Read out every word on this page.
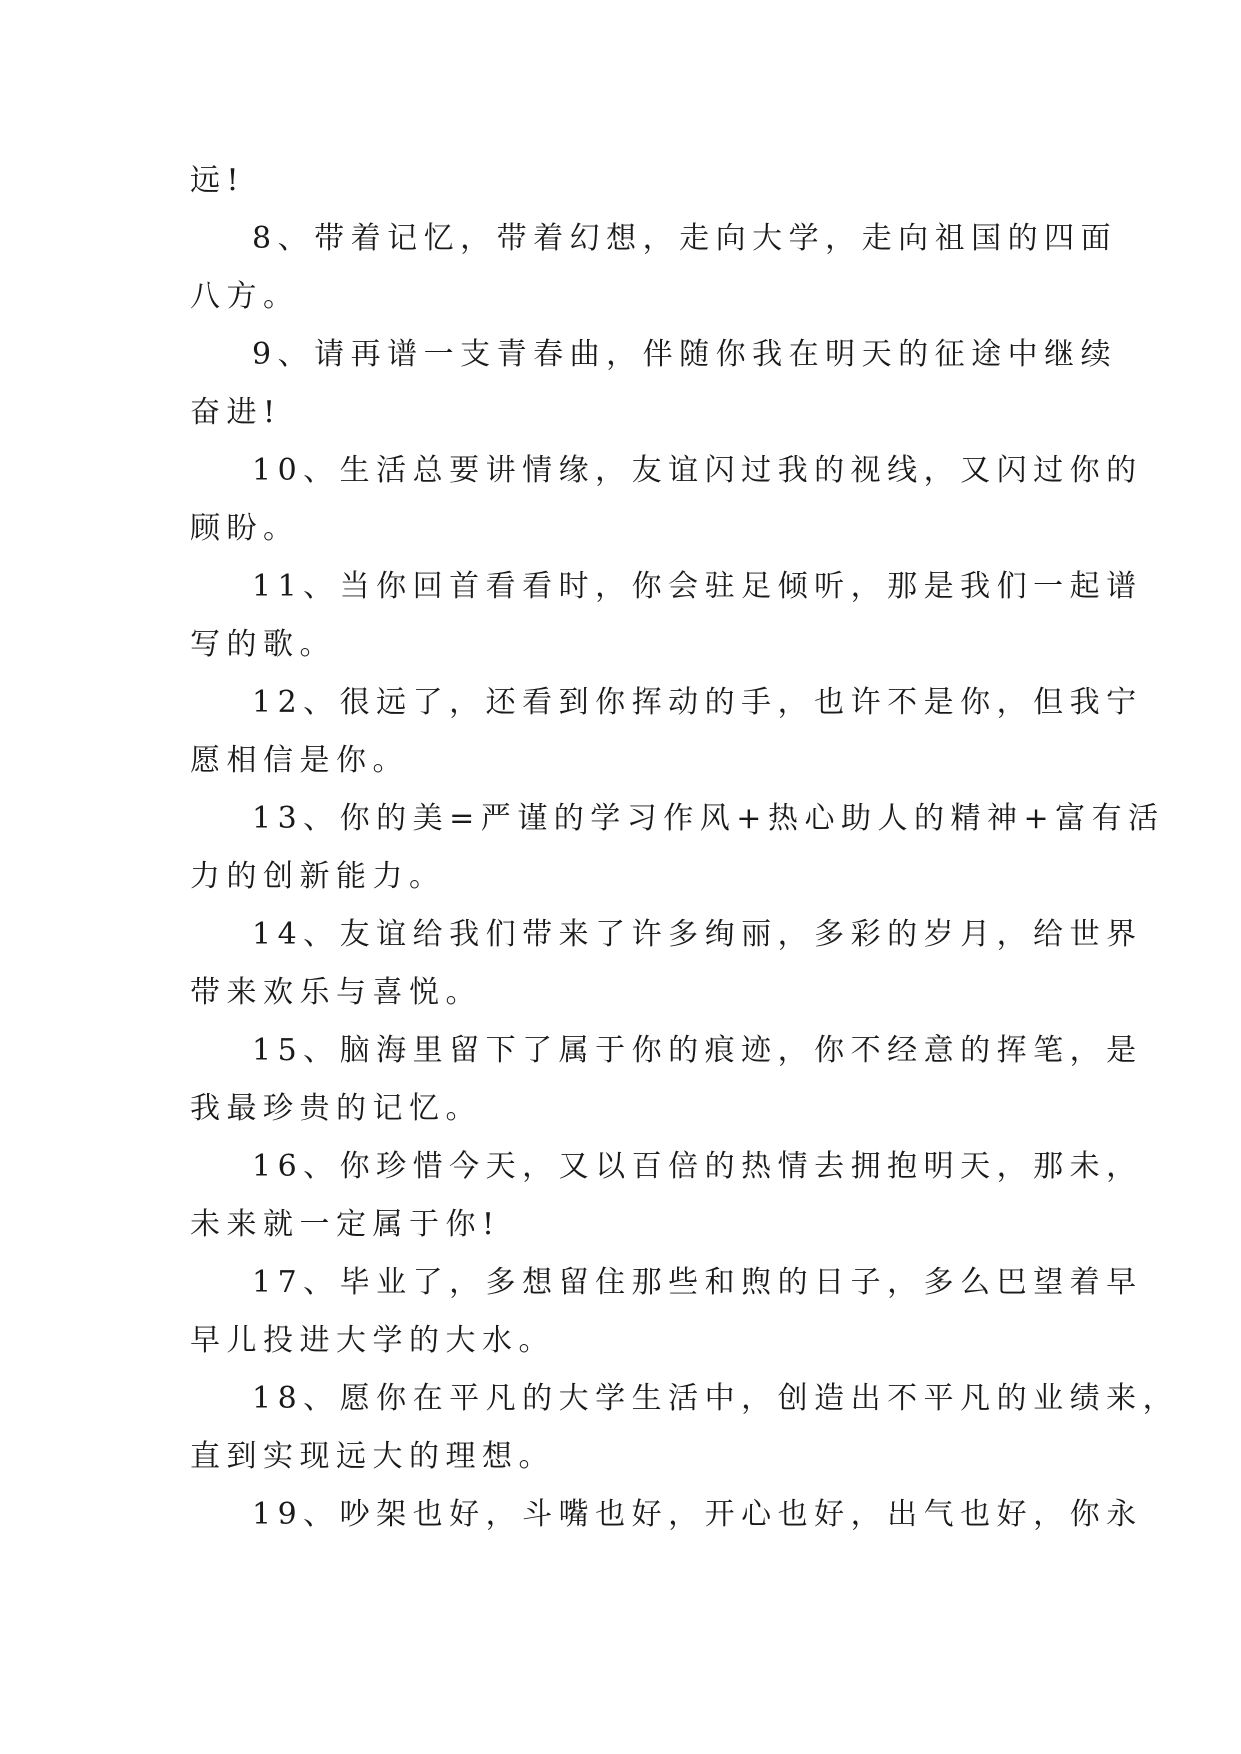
远!
8、带着记忆，带着幻想，走向大学，走向祖国的四面
八方。
9、请再谱一支青春曲，伴随你我在明天的征途中继续
奋进!
10、生活总要讲情缘，友谊闪过我的视线，又闪过你的
顾盼。
11、当你回首看看时，你会驻足倾听，那是我们一起谱
写的歌。
12、很远了，还看到你挥动的手，也许不是你，但我宁
愿相信是你。
13、你的美=严谨的学习作风+热心助人的精神+富有活
力的创新能力。
14、友谊给我们带来了许多绚丽，多彩的岁月，给世界
带来欢乐与喜悦。
15、脑海里留下了属于你的痕迹，你不经意的挥笔，是
我最珍贵的记忆。
16、你珍惜今天，又以百倍的热情去拥抱明天，那未，
未来就一定属于你!
17、毕业了，多想留住那些和煦的日子，多么巴望着早
早儿投进大学的大水。
18、愿你在平凡的大学生活中，创造出不平凡的业绩来，
直到实现远大的理想。
19、吵架也好，斗嘴也好，开心也好，出气也好，你永
